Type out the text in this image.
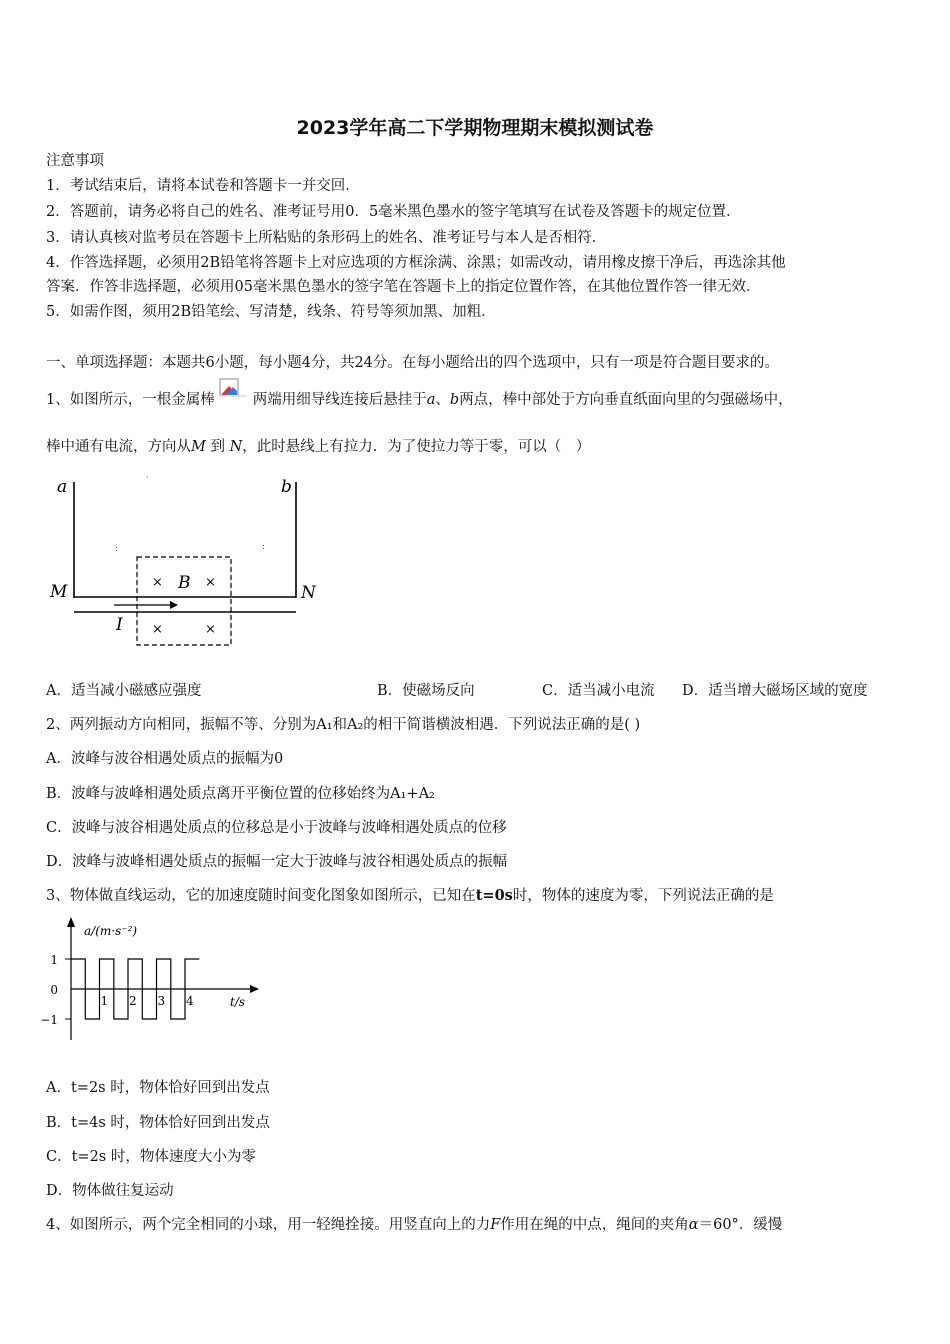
2023学年高二下学期物理期末模拟测试卷
注意事项
1．考试结束后，请将本试卷和答题卡一并交回．
2．答题前，请务必将自己的姓名、准考证号用0．5毫米黑色墨水的签字笔填写在试卷及答题卡的规定位置．
3．请认真核对监考员在答题卡上所粘贴的条形码上的姓名、准考证号与本人是否相符．
4．作答选择题，必须用2B铅笔将答题卡上对应选项的方框涂满、涂黑；如需改动，请用橡皮擦干净后，再选涂其他
答案．作答非选择题，必须用05毫米黑色墨水的签字笔在答题卡上的指定位置作答，在其他位置作答一律无效．
5．如需作图，须用2B铅笔绘、写清楚，线条、符号等须加黑、加粗．
一、单项选择题：本题共6小题，每小题4分，共24分。在每小题给出的四个选项中，只有一项是符合题目要求的。
1、如图所示，一根金属棒	两端用细导线连接后悬挂于a、b两点，棒中部处于方向垂直纸面向里的匀强磁场中，
棒中通有电流，方向从M 到 N，此时悬线上有拉力．为了使拉力等于零，可以（　）
a	b
·
:	:
M	N
×	×
×	×
B
I
A．适当减小磁感应强度	B．使磁场反向	C．适当减小电流 D．适当增大磁场区域的宽度
2、两列振动方向相同，振幅不等、分别为A₁和A₂的相干简谐横波相遇．下列说法正确的是( )
A．波峰与波谷相遇处质点的振幅为0
B．波峰与波峰相遇处质点离开平衡位置的位移始终为A₁+A₂
C．波峰与波谷相遇处质点的位移总是小于波峰与波峰相遇处质点的位移
D．波峰与波峰相遇处质点的振幅一定大于波峰与波谷相遇处质点的振幅
3、物体做直线运动，它的加速度随时间变化图象如图所示，已知在t=0s时，物体的速度为零，下列说法正确的是
a/(m·s⁻²)
t/s
−1
0
1
1 2 3 4
A．t=2s 时，物体恰好回到出发点
B．t=4s 时，物体恰好回到出发点
C．t=2s 时，物体速度大小为零
D．物体做往复运动
4、如图所示，两个完全相同的小球，用一轻绳拴接。用竖直向上的力F作用在绳的中点，绳间的夹角α＝60°．缓慢
